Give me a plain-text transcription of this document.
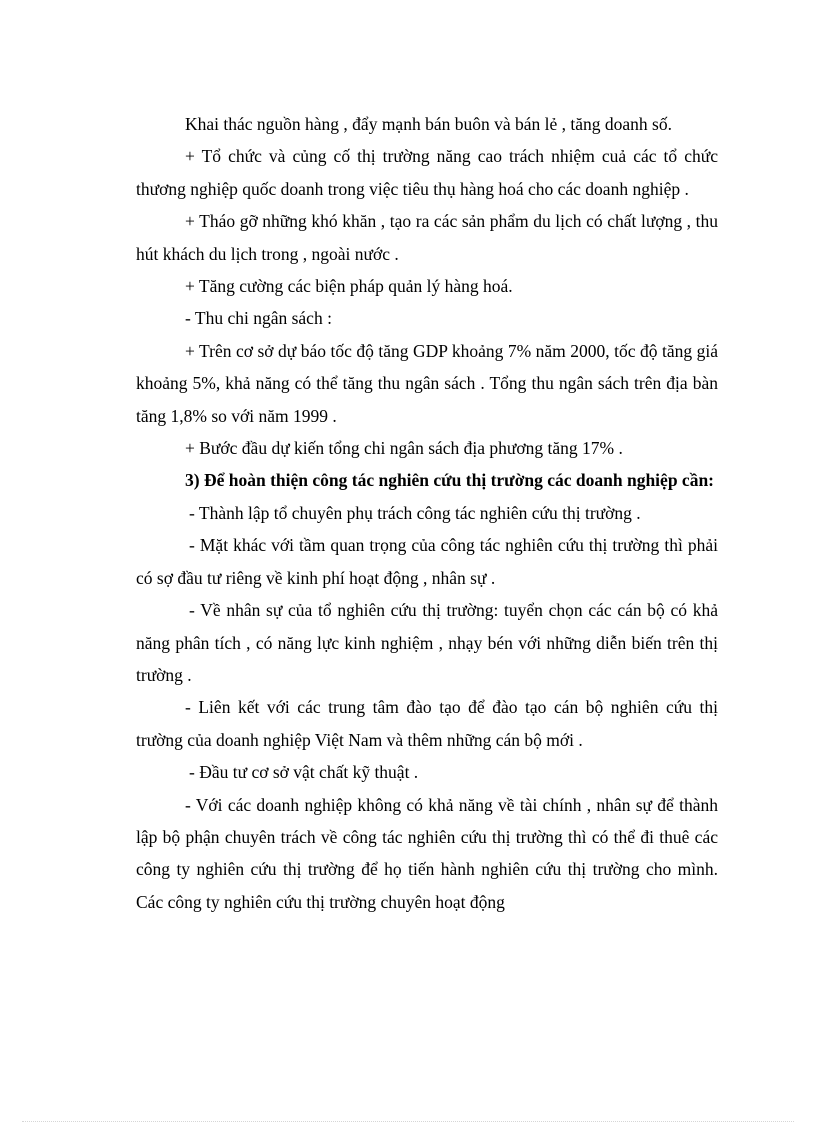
Khai thác nguồn hàng , đẩy mạnh bán buôn và bán lẻ , tăng doanh số.

+ Tổ chức và củng cố thị trường năng cao trách nhiệm cuả các tổ chức thương nghiệp quốc doanh trong việc tiêu thụ hàng hoá cho các doanh nghiệp .

+ Tháo gỡ những khó khăn , tạo ra các sản phẩm du lịch có chất lượng , thu hút khách du lịch trong , ngoài nước .

+ Tăng cường các biện pháp quản lý hàng hoá.

- Thu chi ngân sách :

+ Trên cơ sở dự báo tốc độ tăng GDP khoảng 7% năm 2000, tốc độ tăng giá khoảng 5%, khả năng có thể tăng thu ngân sách . Tổng thu ngân sách trên địa bàn tăng 1,8% so với năm 1999 .

+ Bước đầu dự kiến tổng chi ngân sách địa phương tăng 17% .

3) Để hoàn thiện công tác nghiên cứu thị trường các doanh nghiệp cần:

- Thành lập tổ chuyên phụ trách công tác nghiên cứu thị trường .

- Mặt khác với tầm quan trọng của công tác nghiên cứu thị trường thì phải có sợ đầu tư riêng về kinh phí hoạt động , nhân sự .

- Về nhân sự của tổ nghiên cứu thị trường: tuyển chọn các cán bộ có khả năng phân tích , có năng lực kinh nghiệm , nhạy bén với những diễn biến trên thị trường .

- Liên kết với các trung tâm đào tạo để đào tạo cán bộ nghiên cứu thị trường của doanh nghiệp Việt Nam và thêm những cán bộ mới .

- Đầu tư cơ sở vật chất kỹ thuật .

- Với các doanh nghiệp không có khả năng về tài chính , nhân sự để thành lập bộ phận chuyên trách về công tác nghiên cứu thị trường thì có thể đi thuê các công ty nghiên cứu thị trường để họ tiến hành nghiên cứu thị trường cho mình. Các công ty nghiên cứu thị trường chuyên hoạt động
